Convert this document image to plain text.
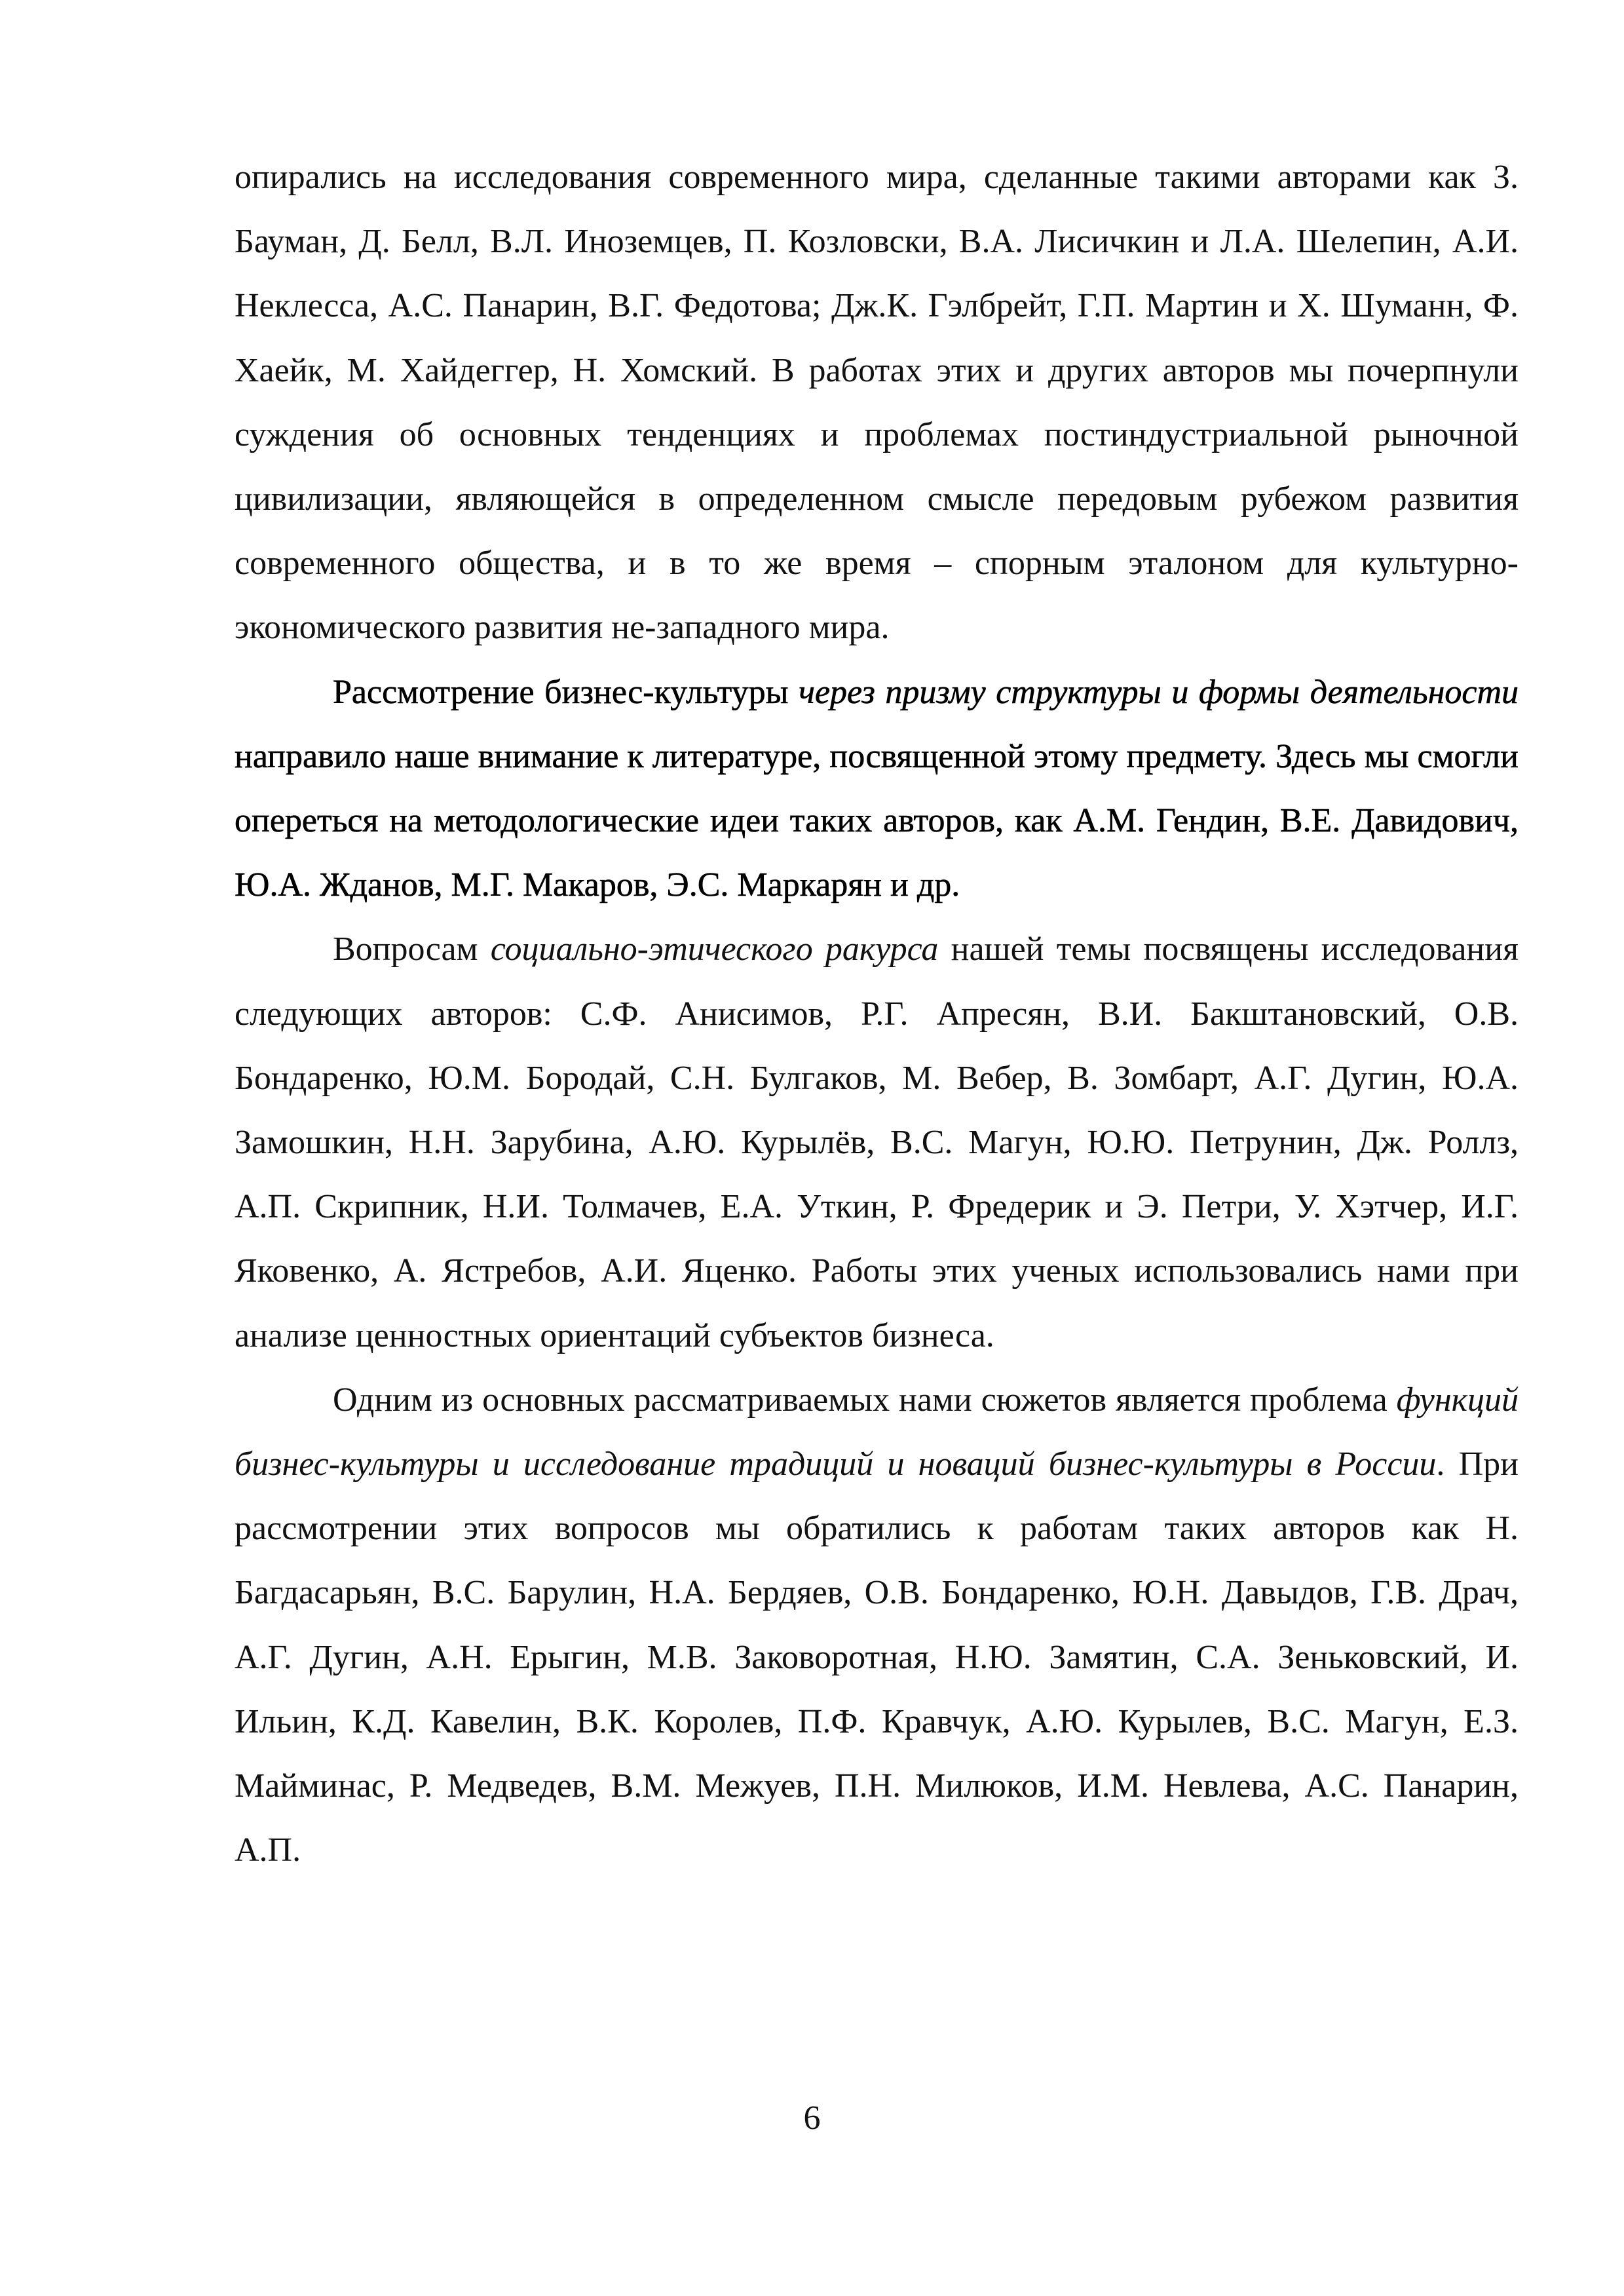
опирались на исследования современного мира, сделанные такими авторами как З. Бауман, Д. Белл, В.Л. Иноземцев, П. Козловски, В.А. Лисичкин и Л.А. Шелепин, А.И. Неклесса, А.С. Панарин, В.Г. Федотова; Дж.К. Гэлбрейт, Г.П. Мартин и Х. Шуманн, Ф. Хаейк, М. Хайдеггер, Н. Хомский. В работах этих и других авторов мы почерпнули суждения об основных тенденциях и проблемах постиндустриальной рыночной цивилизации, являющейся в определенном смысле передовым рубежом развития современного общества, и в то же время – спорным эталоном для культурно-экономического развития не-западного мира.

Рассмотрение бизнес-культуры через призму структуры и формы деятельности направило наше внимание к литературе, посвященной этому предмету. Здесь мы смогли опереться на методологические идеи таких авторов, как А.М. Гендин, В.Е. Давидович, Ю.А. Жданов, М.Г. Макаров, Э.С. Маркарян и др.

Вопросам социально-этического ракурса нашей темы посвящены исследования следующих авторов: С.Ф. Анисимов, Р.Г. Апресян, В.И. Бакштановский, О.В. Бондаренко, Ю.М. Бородай, С.Н. Булгаков, М. Вебер, В. Зомбарт, А.Г. Дугин, Ю.А. Замошкин, Н.Н. Зарубина, А.Ю. Курылёв, В.С. Магун, Ю.Ю. Петрунин, Дж. Роллз, А.П. Скрипник, Н.И. Толмачев, Е.А. Уткин, Р. Фредерик и Э. Петри, У. Хэтчер, И.Г. Яковенко, А. Ястребов, А.И. Яценко. Работы этих ученых использовались нами при анализе ценностных ориентаций субъектов бизнеса.

Одним из основных рассматриваемых нами сюжетов является проблема функций бизнес-культуры и исследование традиций и новаций бизнес-культуры в России. При рассмотрении этих вопросов мы обратились к работам таких авторов как Н. Багдасарьян, В.С. Барулин, Н.А. Бердяев, О.В. Бондаренко, Ю.Н. Давыдов, Г.В. Драч, А.Г. Дугин, А.Н. Ерыгин, М.В. Заковоротная, Н.Ю. Замятин, С.А. Зеньковский, И. Ильин, К.Д. Кавелин, В.К. Королев, П.Ф. Кравчук, А.Ю. Курылев, В.С. Магун, Е.З. Майминас, Р. Медведев, В.М. Межуев, П.Н. Милюков, И.М. Невлева, А.С. Панарин, А.П.

6
